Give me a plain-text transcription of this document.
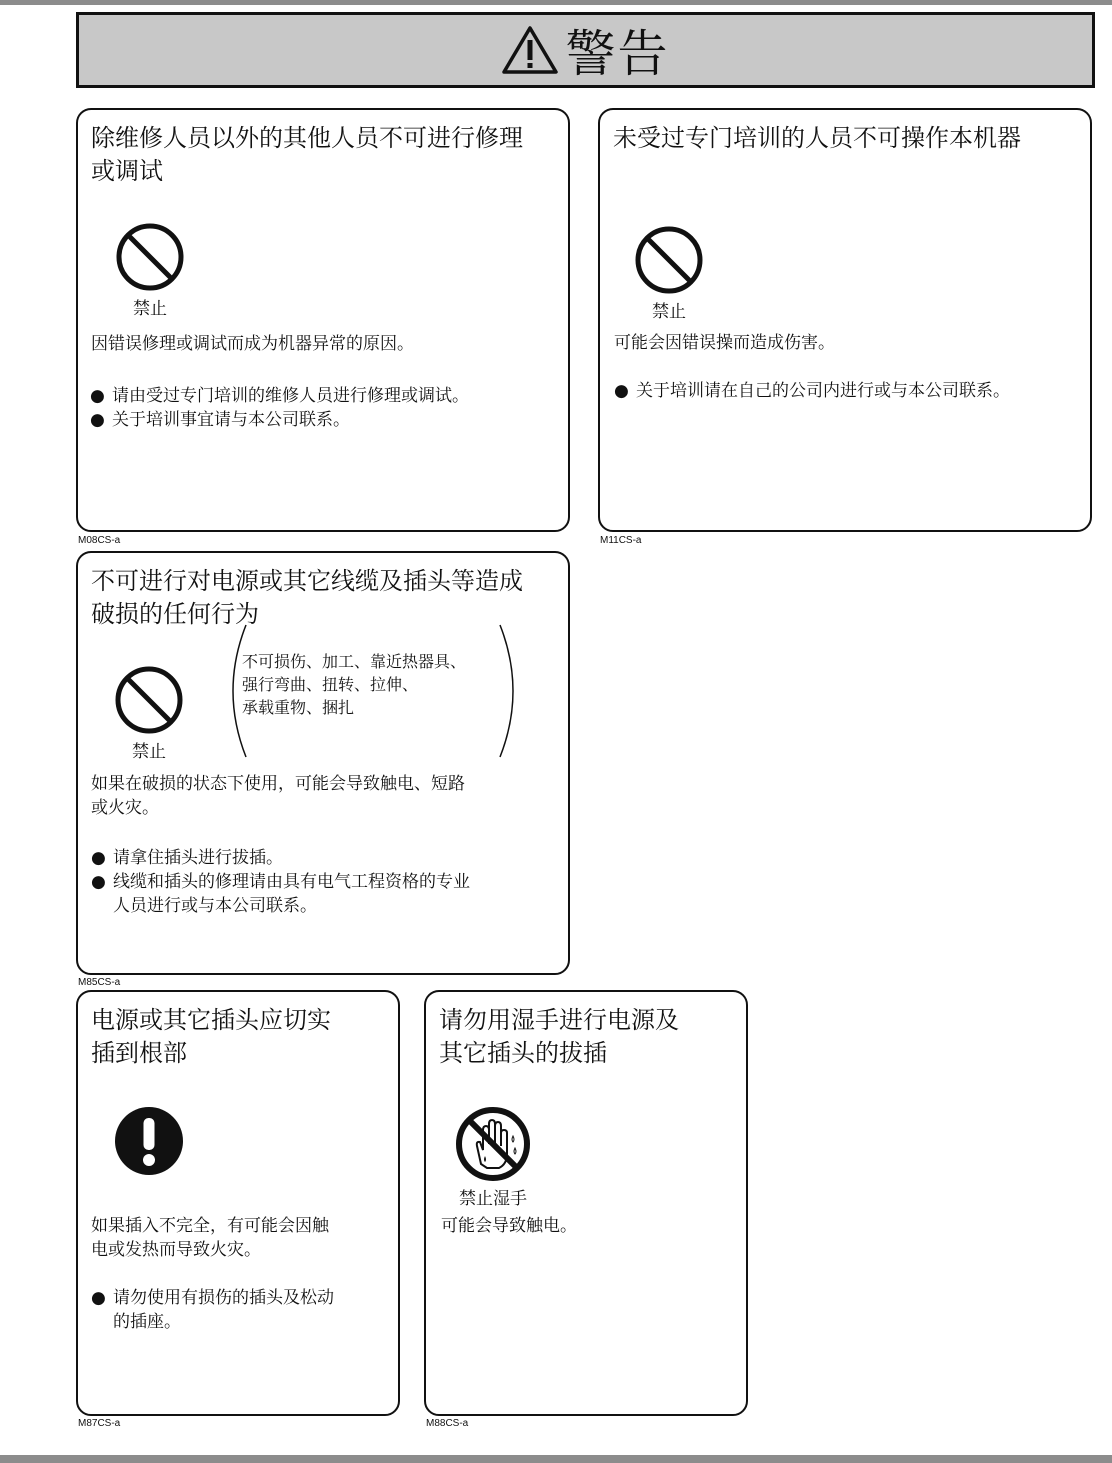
警告
除维修人员以外的其他人员不可进行修理
或调试
禁止

因错误修理或调试而成为机器异常的原因。

● 请由受过专门培训的维修人员进行修理或调试。
● 关于培训事宜请与本公司联系。
M08CS-a
未受过专门培训的人员不可操作本机器
禁止

可能会因错误操而造成伤害。

● 关于培训请在自己的公司内进行或与本公司联系。
M11CS-a
不可进行对电源或其它线缆及插头等造成
破损的任何行为
禁止
不可损伤、加工、靠近热器具、
强行弯曲、扭转、拉伸、
承载重物、捆扎
如果在破损的状态下使用，可能会导致触电、短路
或火灾。
● 请拿住插头进行拔插。
● 线缆和插头的修理请由具有电气工程资格的专业
人员进行或与本公司联系。
M85CS-a
电源或其它插头应切实
插到根部
如果插入不完全，有可能会因触
电或发热而导致火灾。
● 请勿使用有损伤的插头及松动
的插座。
M87CS-a
请勿用湿手进行电源及
其它插头的拔插
禁止湿手

可能会导致触电。

M88CS-a
